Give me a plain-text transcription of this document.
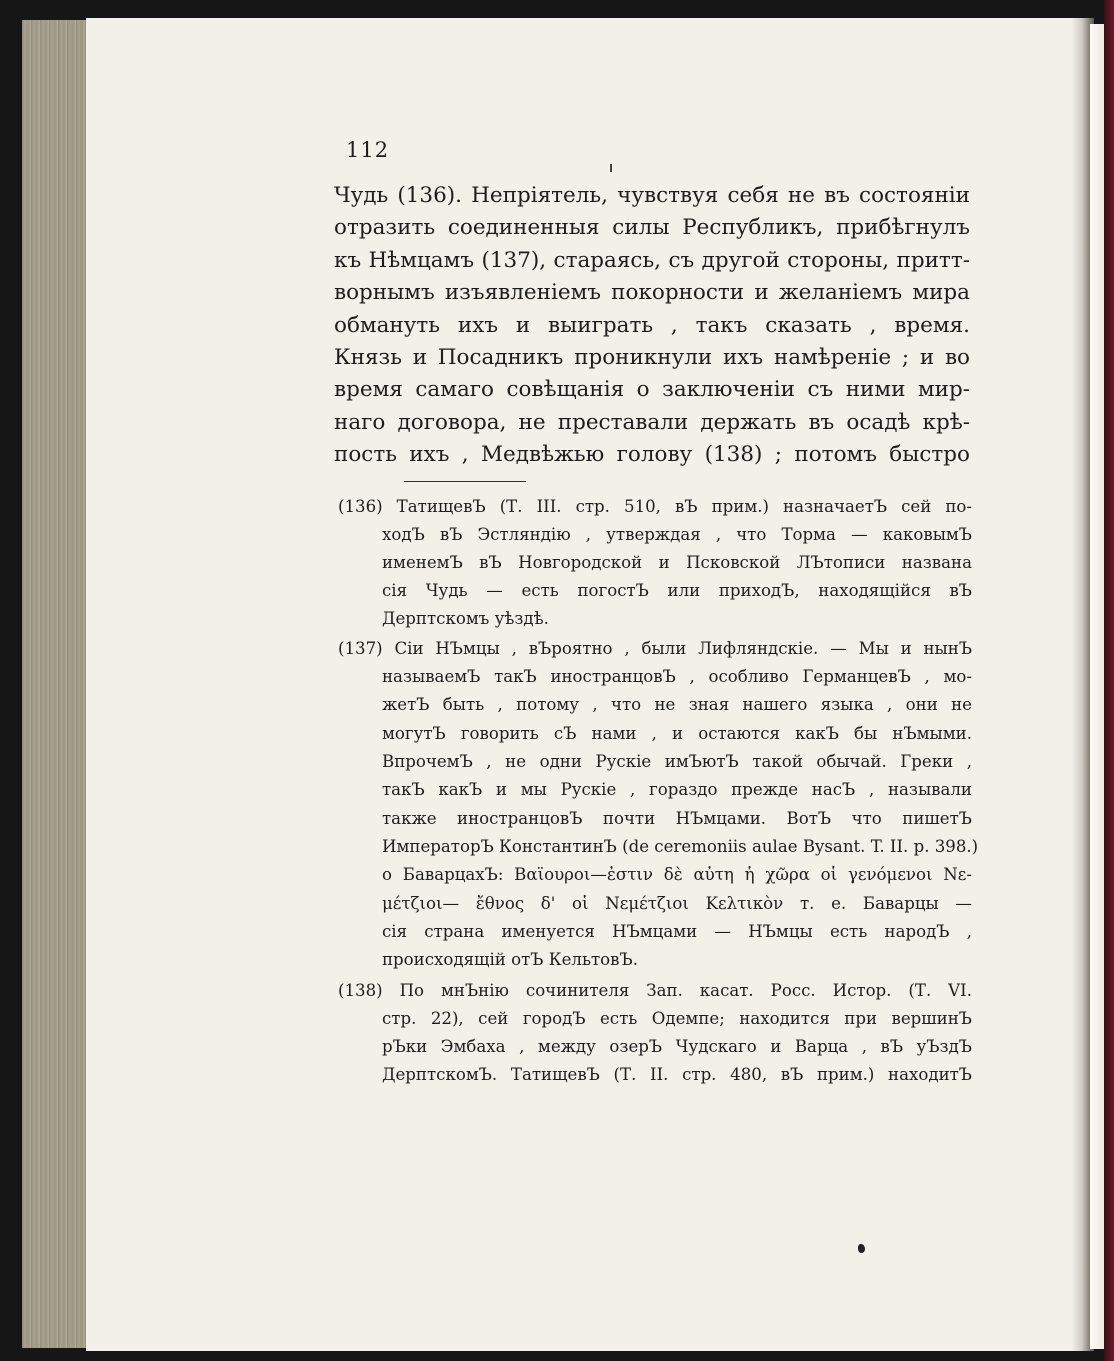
112
Чудь (136). Непріятель, чувствуя себя не въ состояніи
отразить соединенныя силы Республикъ, прибѣгнулъ
къ Нѣмцамъ (137), стараясь, съ другой стороны, притт-
ворнымъ изъявленіемъ покорности и желаніемъ мира
обмануть ихъ и выиграть , такъ сказать , время.
Князь и Посадникъ проникнули ихъ намѣреніе ; и во
время самаго совѣщанія о заключеніи съ ними мир-
наго договора, не преставали держать въ осадѣ крѣ-
пость ихъ , Медвѣжью голову (138) ; потомъ быстро
(136) ТатищевЪ (Т. III. стр. 510, вЪ прим.) назначаетЪ сей по-
ходЪ вЪ Эстляндію , утверждая , что Торма — каковымЪ
именемЪ вЪ Новгородской и Псковской ЛЪтописи названа
сія Чудь — есть погостЪ или приходЪ, находящійся вЪ
Дерптскомъ уѣздѣ.
(137) Сіи НЪмцы , вЪроятно , были Лифляндскіе. — Мы и нынЪ
называемЪ такЪ иностранцовЪ , особливо ГерманцевЪ , мо-
жетЪ быть , потому , что не зная нашего языка , они не
могутЪ говорить сЪ нами , и остаются какЪ бы нЪмыми.
ВпрочемЪ , не одни Рускіе имЪютЪ такой обычай. Греки ,
такЪ какЪ и мы Рускіе , гораздо прежде насЪ , называли
также иностранцовЪ почти НЪмцами. ВотЪ что пишетЪ
ИмператорЪ КонстантинЪ (de ceremoniis aulae Bysant. T. II. p. 398.)
о БаварцахЪ: Βαϊουροι—ἐστιν δὲ αὐτη ἡ χῶρα οἱ γενόμενοι Νε-
μέτζιοι— ἔθνος δ' οἱ Νεμέτζιοι Κελτικὸν т. е. Баварцы —
сія страна именуется НЪмцами — НЪмцы есть народЪ ,
происходящій отЪ КельтовЪ.
(138) По мнЪнію сочинителя Зап. касат. Росс. Истор. (Т. VI.
стр. 22), сей городЪ есть Одемпе; находится при вершинЪ
рЪки Эмбаха , между озерЪ Чудскаго и Варца , вЪ уЪздЪ
ДерптскомЪ. ТатищевЪ (Т. II. стр. 480, вЪ прим.) находитЪ
